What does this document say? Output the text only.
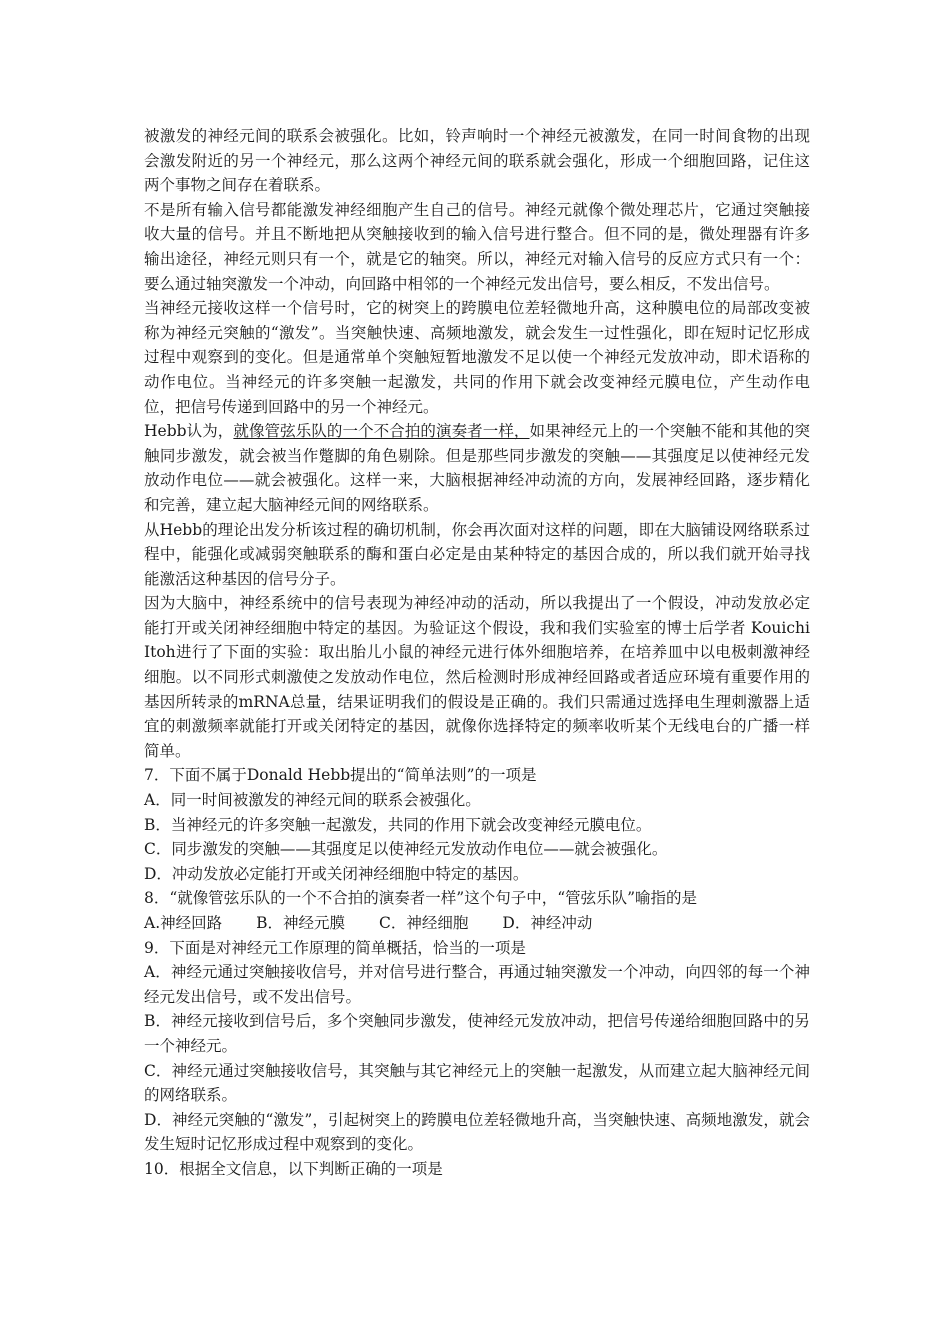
被激发的神经元间的联系会被强化。比如，铃声响时一个神经元被激发，在同一时间食物的出现会激发附近的另一个神经元，那么这两个神经元间的联系就会强化，形成一个细胞回路，记住这两个事物之间存在着联系。

不是所有输入信号都能激发神经细胞产生自己的信号。神经元就像个微处理芯片，它通过突触接收大量的信号。并且不断地把从突触接收到的输入信号进行整合。但不同的是，微处理器有许多输出途径，神经元则只有一个，就是它的轴突。所以，神经元对输入信号的反应方式只有一个：要么通过轴突激发一个冲动，向回路中相邻的一个神经元发出信号，要么相反，不发出信号。

当神经元接收这样一个信号时，它的树突上的跨膜电位差轻微地升高，这种膜电位的局部改变被称为神经元突触的“激发”。当突触快速、高频地激发，就会发生一过性强化，即在短时记忆形成过程中观察到的变化。但是通常单个突触短暂地激发不足以使一个神经元发放冲动，即术语称的动作电位。当神经元的许多突触一起激发，共同的作用下就会改变神经元膜电位，产生动作电位，把信号传递到回路中的另一个神经元。

Hebb认为，就像管弦乐队的一个不合拍的演奏者一样，如果神经元上的一个突触不能和其他的突触同步激发，就会被当作蹩脚的角色剔除。但是那些同步激发的突触——其强度足以使神经元发放动作电位——就会被强化。这样一来，大脑根据神经冲动流的方向，发展神经回路，逐步精化和完善，建立起大脑神经元间的网络联系。

从Hebb的理论出发分析该过程的确切机制，你会再次面对这样的问题，即在大脑铺设网络联系过程中，能强化或减弱突触联系的酶和蛋白必定是由某种特定的基因合成的，所以我们就开始寻找能激活这种基因的信号分子。

因为大脑中，神经系统中的信号表现为神经冲动的活动，所以我提出了一个假设，冲动发放必定能打开或关闭神经细胞中特定的基因。为验证这个假设，我和我们实验室的博士后学者 Kouichi Itoh进行了下面的实验：取出胎儿小鼠的神经元进行体外细胞培养，在培养皿中以电极刺激神经细胞。以不同形式刺激使之发放动作电位，然后检测时形成神经回路或者适应环境有重要作用的基因所转录的mRNA总量，结果证明我们的假设是正确的。我们只需通过选择电生理刺激器上适宜的刺激频率就能打开或关闭特定的基因，就像你选择特定的频率收听某个无线电台的广播一样简单。

7．下面不属于Donald Hebb提出的“简单法则”的一项是

A．同一时间被激发的神经元间的联系会被强化。

B．当神经元的许多突触一起激发，共同的作用下就会改变神经元膜电位。

C．同步激发的突触——其强度足以使神经元发放动作电位——就会被强化。

D．冲动发放必定能打开或关闭神经细胞中特定的基因。

8．“就像管弦乐队的一个不合拍的演奏者一样”这个句子中，“管弦乐队”喻指的是

A.神经回路 B．神经元膜 C．神经细胞 D．神经冲动

9．下面是对神经元工作原理的简单概括，恰当的一项是

A．神经元通过突触接收信号，并对信号进行整合，再通过轴突激发一个冲动，向四邻的每一个神经元发出信号，或不发出信号。

B．神经元接收到信号后，多个突触同步激发，使神经元发放冲动，把信号传递给细胞回路中的另一个神经元。

C．神经元通过突触接收信号，其突触与其它神经元上的突触一起激发，从而建立起大脑神经元间的网络联系。

D．神经元突触的“激发”，引起树突上的跨膜电位差轻微地升高，当突触快速、高频地激发，就会发生短时记忆形成过程中观察到的变化。

10．根据全文信息，以下判断正确的一项是
